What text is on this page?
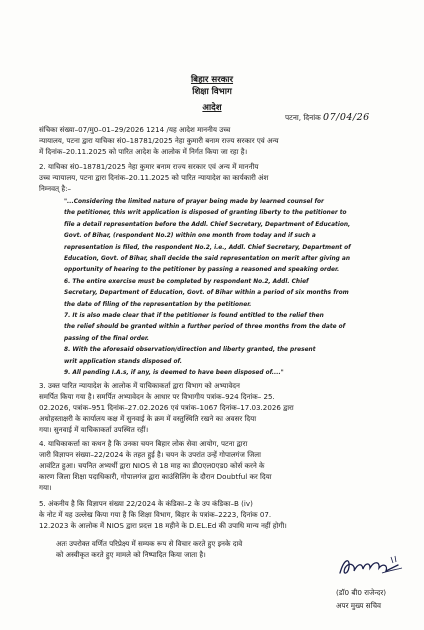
बिहार सरकार
शिक्षा विभाग
आदेश
पटना, दिनांक 07/04/26
संचिका संख्या–07/मु0–01–29/2026 1214 /यह आदेश माननीय उच्च
न्यायालय, पटना द्वारा याचिका सं0–18781/2025 नेहा कुमारी बनाम राज्य सरकार एवं अन्य
में दिनांक–20.11.2025 को पारित आदेश के आलोक में निर्गत किया जा रहा है।
2. याचिका सं0–18781/2025 नेहा कुमार बनाम राज्य सरकार एवं अन्य में माननीय
उच्च न्यायालय, पटना द्वारा दिनांक–20.11.2025 को पारित न्यायादेश का कार्यकारी अंश
निम्नवत् है:–
"...Considering the limited nature of prayer being made by learned counsel for
the petitioner, this writ application is disposed of granting liberty to the petitioner to
file a detail representation before the Addl. Chief Secretary, Department of Education,
Govt. of Bihar, (respondent No.2) within one month from today and if such a
representation is filed, the respondent No.2, i.e., Addl. Chief Secretary, Department of
Education, Govt. of Bihar, shall decide the said representation on merit after giving an
opportunity of hearing to the petitioner by passing a reasoned and speaking order.
6. The entire exercise must be completed by respondent No.2, Addl. Chief
Secretary, Department of Education, Govt. of Bihar within a period of six months from
the date of filing of the representation by the petitioner.
7. It is also made clear that if the petitioner is found entitled to the relief then
the relief should be granted within a further period of three months from the date of
passing of the final order.
8. With the aforesaid observation/direction and liberty granted, the present
writ application stands disposed of.
9. All pending I.A.s, if any, is deemed to have been disposed of...."
3. उक्त पारित न्यायादेश के आलोक में याचिकाकर्ता द्वारा विभाग को अभ्यावेदन
समर्पित किया गया है। समर्पित अभ्यावेदन के आधार पर विभागीय पत्रांक–924 दिनांक– 25.
02.2026, पत्रांक–951 दिनांक–27.02.2026 एवं पत्रांक–1067 दिनांक–17.03.2026 द्वारा
अधोहस्ताक्षरी के कार्यालय कक्ष में सुनवाई के क्रम में वस्तुस्थिति रखने का अवसर दिया
गया। सुनवाई में याचिकाकर्ता उपस्थित रहीं।
4. याचिकाकर्त्ता का कथन है कि उनका चयन बिहार लोक सेवा आयोग, पटना द्वारा
जारी विज्ञापन संख्या–22/2024 के तहत हुई है। चयन के उपरांत उन्हें गोपालगंज जिला
आवंटित हुआ। चयनित अभ्यर्थी द्वारा NIOS से 18 माह का डी0एल0एड0 कोर्स करने के
कारण जिला शिक्षा पदाधिकारी, गोपालगंज द्वारा काउंसिलिंग के दौरान Doubtful कर दिया
गया।
5. अंकनीय है कि विज्ञापन संख्या 22/2024 के कंडिका–2 के उप कंडिका–B (iv)
के नोट में यह उल्लेख किया गया है कि शिक्षा विभाग, बिहार के पत्रांक–2223, दिनांक 07.
12.2023 के आलोक में NIOS द्वारा प्रदत्त 18 महीने के D.EL.Ed की उपाधि मान्य नहीं होगी।
अतः उपरोक्त वर्णित परिप्रेक्ष्य में सम्यक रूप से विचार करते हुए इनके दावे
को अस्वीकृत करते हुए मामले को निष्पादित किया जाता है।
(डॉ0 बी0 राजेन्दर)
अपर मुख्य सचिव
